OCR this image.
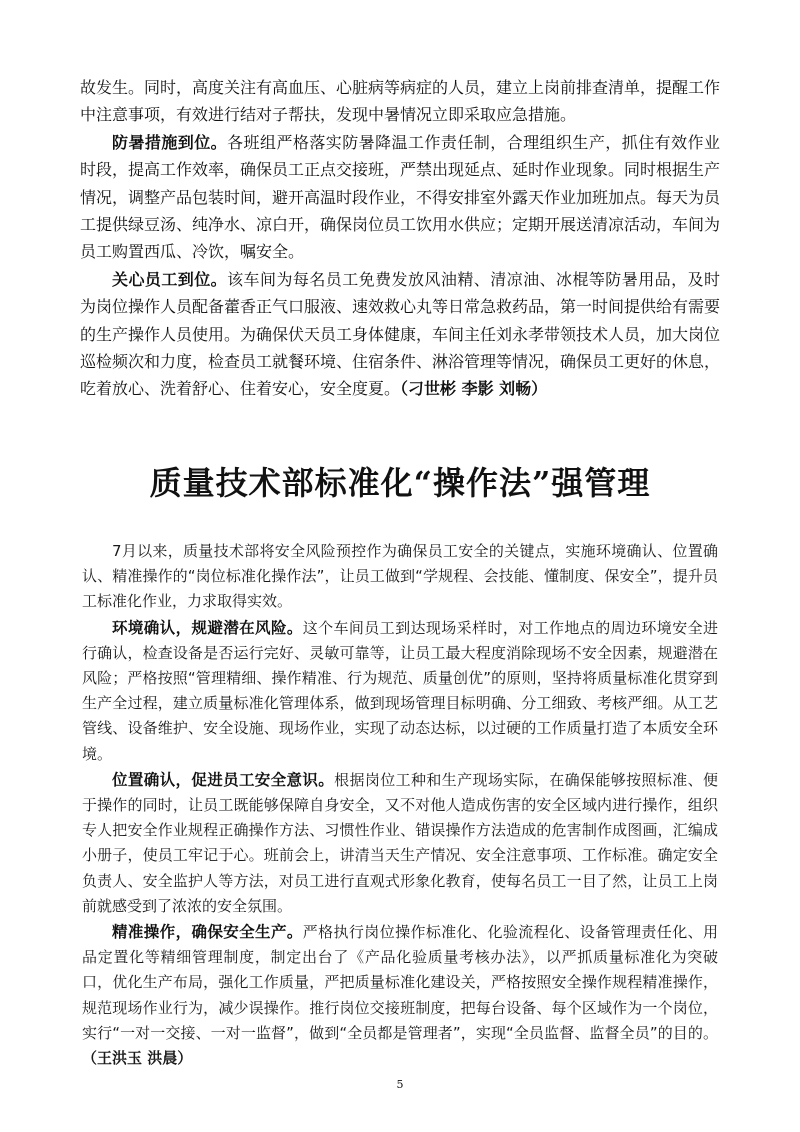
故发生。同时，高度关注有高血压、心脏病等病症的人员，建立上岗前排查清单，提醒工作中注意事项，有效进行结对子帮扶，发现中暑情况立即采取应急措施。

防暑措施到位。各班组严格落实防暑降温工作责任制，合理组织生产，抓住有效作业时段，提高工作效率，确保员工正点交接班，严禁出现延点、延时作业现象。同时根据生产情况，调整产品包装时间，避开高温时段作业，不得安排室外露天作业加班加点。每天为员工提供绿豆汤、纯净水、凉白开，确保岗位员工饮用水供应；定期开展送清凉活动，车间为员工购置西瓜、冷饮，嘱安全。

关心员工到位。该车间为每名员工免费发放风油精、清凉油、冰棍等防暑用品，及时为岗位操作人员配备藿香正气口服液、速效救心丸等日常急救药品，第一时间提供给有需要的生产操作人员使用。为确保伏天员工身体健康，车间主任刘永孝带领技术人员，加大岗位巡检频次和力度，检查员工就餐环境、住宿条件、淋浴管理等情况，确保员工更好的休息，吃着放心、洗着舒心、住着安心，安全度夏。（刁世彬 李影 刘畅）

质量技术部标准化“操作法”强管理

7月以来，质量技术部将安全风险预控作为确保员工安全的关键点，实施环境确认、位置确认、精准操作的“岗位标准化操作法”，让员工做到“学规程、会技能、懂制度、保安全”，提升员工标准化作业，力求取得实效。

环境确认，规避潜在风险。这个车间员工到达现场采样时，对工作地点的周边环境安全进行确认，检查设备是否运行完好、灵敏可靠等，让员工最大程度消除现场不安全因素，规避潜在风险；严格按照“管理精细、操作精准、行为规范、质量创优”的原则，坚持将质量标准化贯穿到生产全过程，建立质量标准化管理体系，做到现场管理目标明确、分工细致、考核严细。从工艺管线、设备维护、安全设施、现场作业，实现了动态达标，以过硬的工作质量打造了本质安全环境。

位置确认，促进员工安全意识。根据岗位工种和生产现场实际，在确保能够按照标准、便于操作的同时，让员工既能够保障自身安全，又不对他人造成伤害的安全区域内进行操作，组织专人把安全作业规程正确操作方法、习惯性作业、错误操作方法造成的危害制作成图画，汇编成小册子，使员工牢记于心。班前会上，讲清当天生产情况、安全注意事项、工作标准。确定安全负责人、安全监护人等方法，对员工进行直观式形象化教育，使每名员工一目了然，让员工上岗前就感受到了浓浓的安全氛围。

精准操作，确保安全生产。严格执行岗位操作标准化、化验流程化、设备管理责任化、用品定置化等精细管理制度，制定出台了《产品化验质量考核办法》，以严抓质量标准化为突破口，优化生产布局，强化工作质量，严把质量标准化建设关，严格按照安全操作规程精准操作，规范现场作业行为，减少误操作。推行岗位交接班制度，把每台设备、每个区域作为一个岗位，实行“一对一交接、一对一监督”，做到“全员都是管理者”，实现“全员监督、监督全员”的目的。（王洪玉 洪晨）

5
